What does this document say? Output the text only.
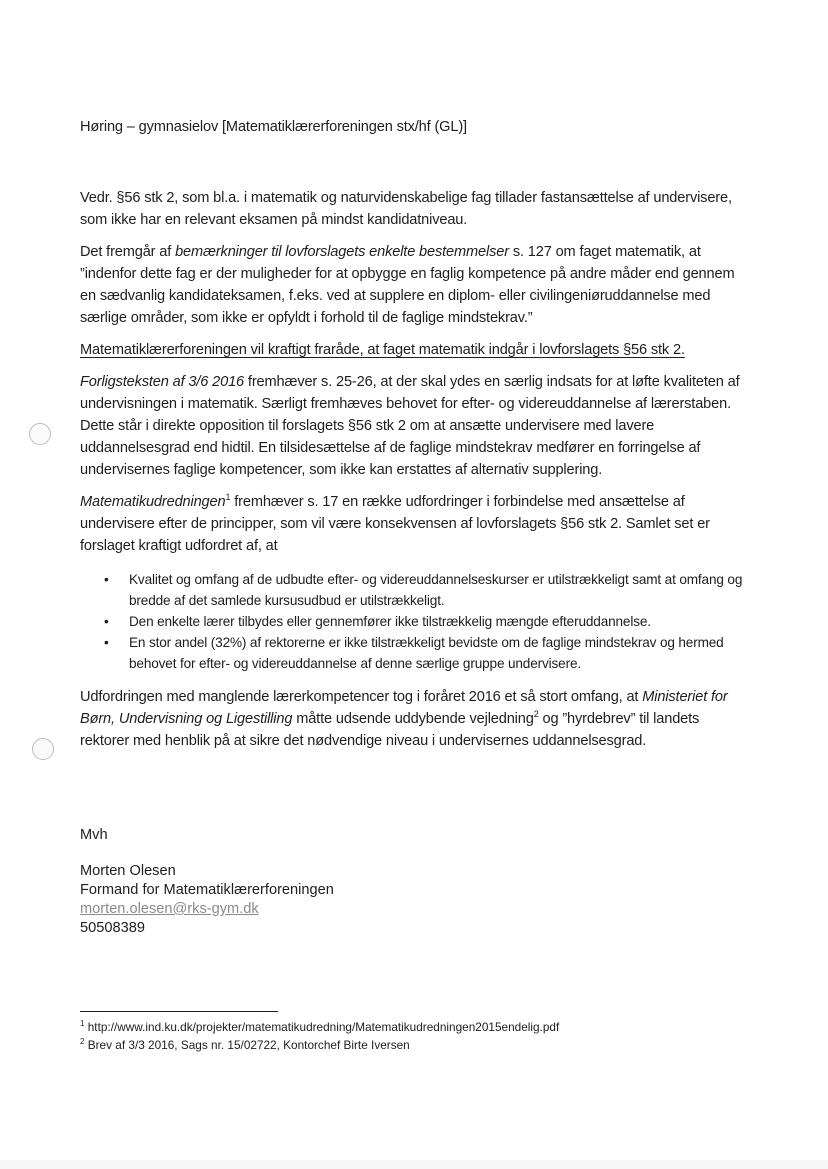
Høring – gymnasielov [Matematiklærerforeningen stx/hf (GL)]

Vedr. §56 stk 2, som bl.a. i matematik og naturvidenskabelige fag tillader fastansættelse af undervisere, som ikke har en relevant eksamen på mindst kandidatniveau.

Det fremgår af bemærkninger til lovforslagets enkelte bestemmelser s. 127 om faget matematik, at ”indenfor dette fag er der muligheder for at opbygge en faglig kompetence på andre måder end gennem en sædvanlig kandidateksamen, f.eks. ved at supplere en diplom- eller civilingeniøruddannelse med særlige områder, som ikke er opfyldt i forhold til de faglige mindstekrav.”

Matematiklærerforeningen vil kraftigt fraråde, at faget matematik indgår i lovforslagets §56 stk 2.

Forligsteksten af 3/6 2016 fremhæver s. 25-26, at der skal ydes en særlig indsats for at løfte kvaliteten af undervisningen i matematik. Særligt fremhæves behovet for efter- og videreuddannelse af lærerstaben. Dette står i direkte opposition til forslagets §56 stk 2 om at ansætte undervisere med lavere uddannelsesgrad end hidtil. En tilsidesættelse af de faglige mindstekrav medfører en forringelse af undervisernes faglige kompetencer, som ikke kan erstattes af alternativ supplering.

Matematikudredningen$^1$ fremhæver s. 17 en række udfordringer i forbindelse med ansættelse af undervisere efter de principper, som vil være konsekvensen af lovforslagets §56 stk 2. Samlet set er forslaget kraftigt udfordret af, at

• Kvalitet og omfang af de udbudte efter- og videreuddannelseskurser er utilstrækkeligt samt at omfang og bredde af det samlede kursusudbud er utilstrækkeligt.
• Den enkelte lærer tilbydes eller gennemfører ikke tilstrækkelig mængde efteruddannelse.
• En stor andel (32%) af rektorerne er ikke tilstrækkeligt bevidste om de faglige mindstekrav og hermed behovet for efter- og videreuddannelse af denne særlige gruppe undervisere.

Udfordringen med manglende lærerkompetencer tog i foråret 2016 et så stort omfang, at Ministeriet for Børn, Undervisning og Ligestilling måtte udsende uddybende vejledning$^2$ og ”hyrdebrev” til landets rektorer med henblik på at sikre det nødvendige niveau i undervisernes uddannelsesgrad.

Mvh

Morten Olesen

Formand for Matematiklærerforeningen

morten.olesen@rks-gym.dk

50508389

$^1$ http://www.ind.ku.dk/projekter/matematikudredning/Matematikudredningen2015endelig.pdf

$^2$ Brev af 3/3 2016, Sags nr. 15/02722, Kontorchef Birte Iversen
